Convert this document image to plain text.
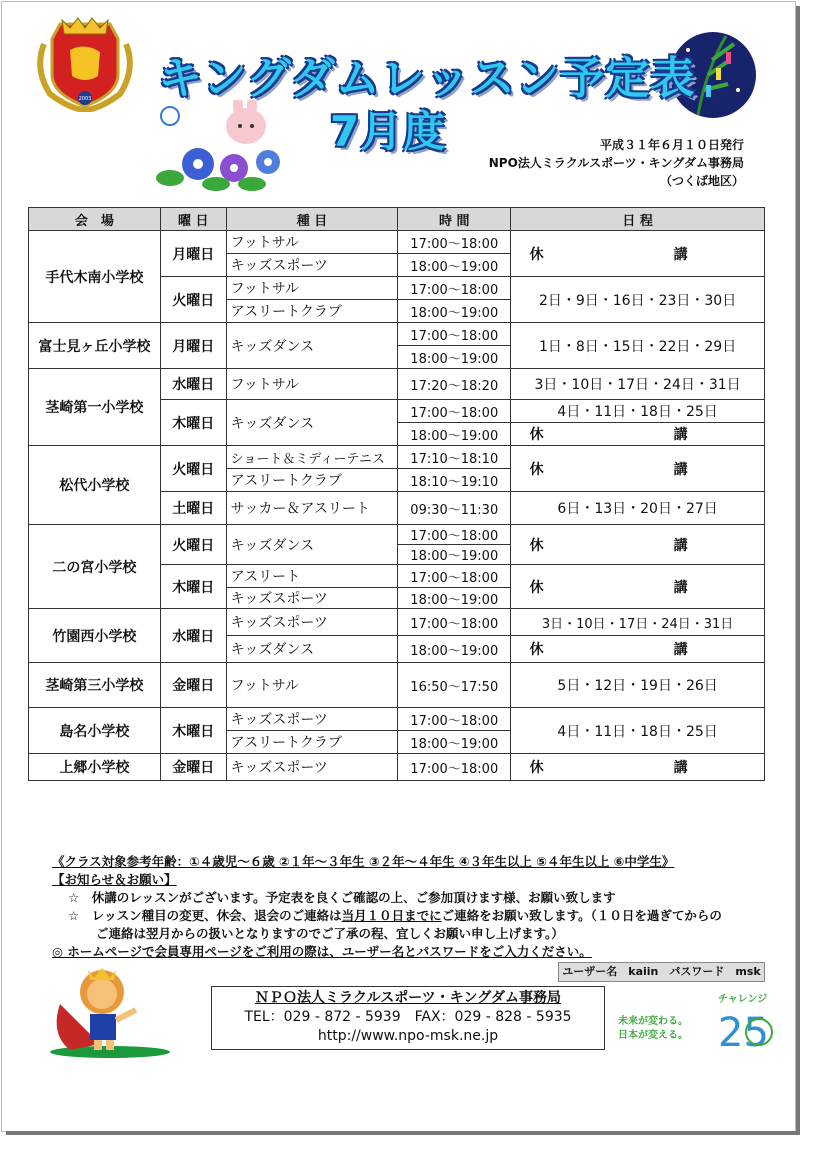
2003 キングダムレッスン予定表
7月度	平成３１年６月１０日発行
NPO法人ミラクルスポーツ・キングダム事務局
（つくば地区）
会　場	曜 日	種 目	時 間	日 程
手代木南小学校	月曜日	フットサル	17:00～18:00	休　講
		キッズスポーツ	18:00～19:00	
	火曜日	フットサル	17:00～18:00	2日・9日・16日・23日・30日
		アスリートクラブ	18:00～19:00	
富士見ヶ丘小学校	月曜日	キッズダンス	17:00～18:00	1日・8日・15日・22日・29日
			18:00～19:00	
茎崎第一小学校	水曜日	フットサル	17:20～18:20	3日・10日・17日・24日・31日
	木曜日	キッズダンス	17:00～18:00	4日・11日・18日・25日
			18:00～19:00	休　講
松代小学校	火曜日	ショート＆ミディーテニス	17:10～18:10	休　講
		アスリートクラブ	18:10～19:10	
	土曜日	サッカー＆アスリート	09:30～11:30	6日・13日・20日・27日
二の宮小学校	火曜日	キッズダンス	17:00～18:00	休　講
			18:00～19:00	
	木曜日	アスリート	17:00～18:00	休　講
		キッズスポーツ	18:00～19:00	
竹園西小学校	水曜日	キッズスポーツ	17:00～18:00	3日・10日・17日・24日・31日
		キッズダンス	18:00～19:00	休　講
茎崎第三小学校	金曜日	フットサル	16:50～17:50	5日・12日・19日・26日
島名小学校	木曜日	キッズスポーツ	17:00～18:00	4日・11日・18日・25日
		アスリートクラブ	18:00～19:00	
上郷小学校	金曜日	キッズスポーツ	17:00～18:00	休　講
《クラス対象参考年齢：①４歳児～６歳 ②１年～３年生 ③２年～４年生 ④３年生以上 ⑤４年生以上 ⑥中学生》
【お知らせ＆お願い】
☆　休講のレッスンがございます。予定表を良くご確認の上、ご参加頂けます様、お願い致します
☆　レッスン種目の変更、休会、退会のご連絡は当月１０日までにご連絡をお願い致します。（１０日を過ぎてからの
ご連絡は翌月からの扱いとなりますのでご了承の程、宜しくお願い申し上げます。）
◎ ホームページで会員専用ページをご利用の際は、ユーザー名とパスワードをご入力ください。
ユーザー名　kaiin　パスワード　msk
ＮＰＯ法人ミラクルスポーツ・キングダム事務局
TEL：029 - 872 - 5939　FAX：029 - 828 - 5935
http://www.npo-msk.ne.jp
チャレンジ
未来が変わる。
日本が変える。 25
